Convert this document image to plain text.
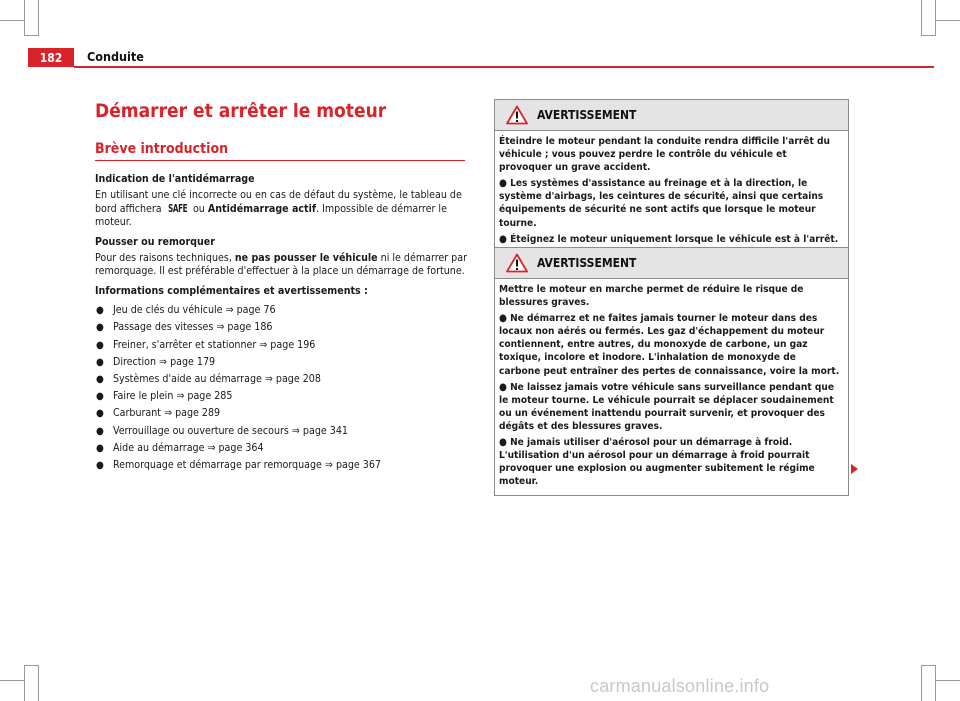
182	Conduite
Démarrer et arrêter le moteur
Brève introduction

Indication de l'antidémarrage

En utilisant une clé incorrecte ou en cas de défaut du système, le tableau de bord affichera SAFE ou Antidémarrage actif. Impossible de démarrer le moteur.

Pousser ou remorquer

Pour des raisons techniques, ne pas pousser le véhicule ni le démarrer par remorquage. Il est préférable d'effectuer à la place un démarrage de fortune.

Informations complémentaires et avertissements :

● Jeu de clés du véhicule ⇒ page 76
● Passage des vitesses ⇒ page 186
● Freiner, s'arrêter et stationner ⇒ page 196
● Direction ⇒ page 179
● Systèmes d'aide au démarrage ⇒ page 208
● Faire le plein ⇒ page 285
● Carburant ⇒ page 289
● Verrouillage ou ouverture de secours ⇒ page 341
● Aide au démarrage ⇒ page 364
● Remorquage et démarrage par remorquage ⇒ page 367
AVERTISSEMENT

Éteindre le moteur pendant la conduite rendra difficile l'arrêt du véhicule ; vous pouvez perdre le contrôle du véhicule et provoquer un grave accident.

● Les systèmes d'assistance au freinage et à la direction, le système d'airbags, les ceintures de sécurité, ainsi que certains équipements de sécurité ne sont actifs que lorsque le moteur tourne.

● Éteignez le moteur uniquement lorsque le véhicule est à l'arrêt.

AVERTISSEMENT

Mettre le moteur en marche permet de réduire le risque de blessures graves.

● Ne démarrez et ne faites jamais tourner le moteur dans des locaux non aérés ou fermés. Les gaz d'échappement du moteur contiennent, entre autres, du monoxyde de carbone, un gaz toxique, incolore et inodore. L'inhalation de monoxyde de carbone peut entraîner des pertes de connaissance, voire la mort.

● Ne laissez jamais votre véhicule sans surveillance pendant que le moteur tourne. Le véhicule pourrait se déplacer soudainement ou un événement inattendu pourrait survenir, et provoquer des dégâts et des blessures graves.

● Ne jamais utiliser d'aérosol pour un démarrage à froid. L'utilisation d'un aérosol pour un démarrage à froid pourrait provoquer une explosion ou augmenter subitement le régime moteur.

carmanualsonline.info
